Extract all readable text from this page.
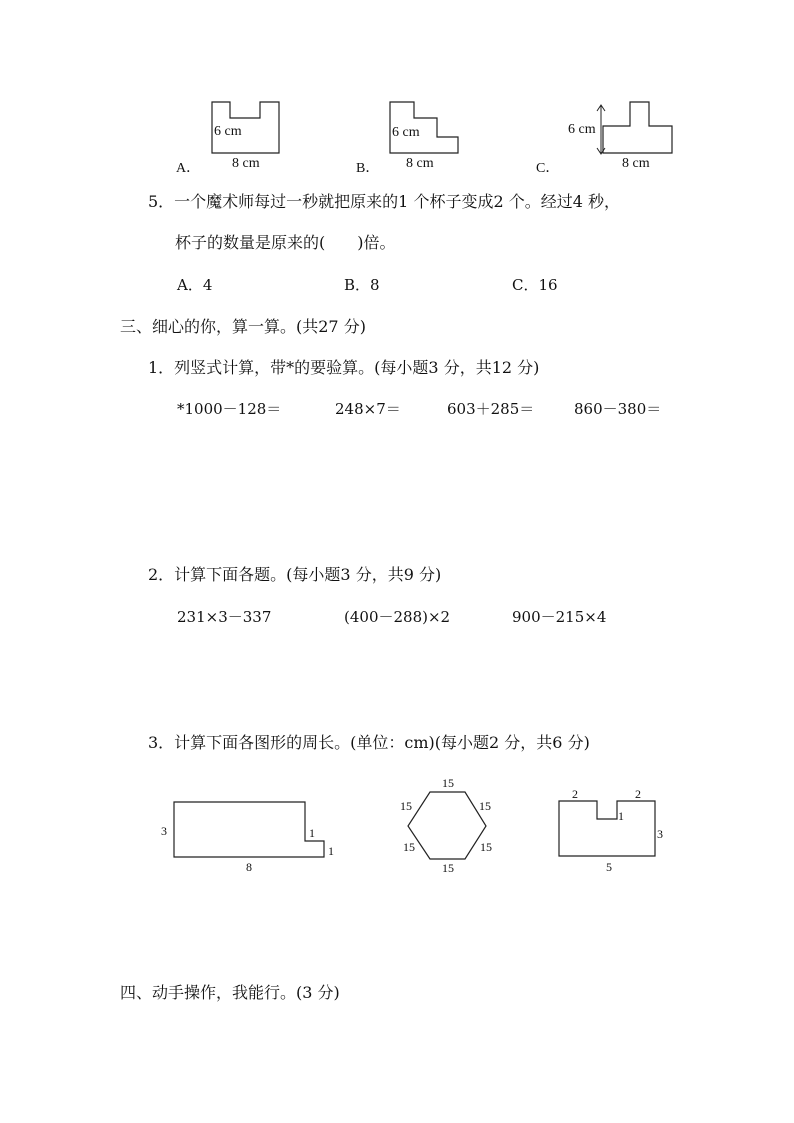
6 cm
8 cm
A．
6 cm
8 cm
B．
6 cm
8 cm
C．
5．一个魔术师每过一秒就把原来的1 个杯子变成2 个。经过4 秒，
杯子的数量是原来的(　　)倍。
A．4	B．8	C．16
三、细心的你，算一算。(共27 分)
1．列竖式计算，带*的要验算。(每小题3 分，共12 分)
*1000－128＝	248×7＝	603＋285＝	860－380＝
2．计算下面各题。(每小题3 分，共9 分)
231×3－337	(400－288)×2	900－215×4
3．计算下面各图形的周长。(单位：cm)(每小题2 分，共6 分)
3	1
1
8
15
15
15
15
15
15
2	2
1
3
5
四、动手操作，我能行。(3 分)
